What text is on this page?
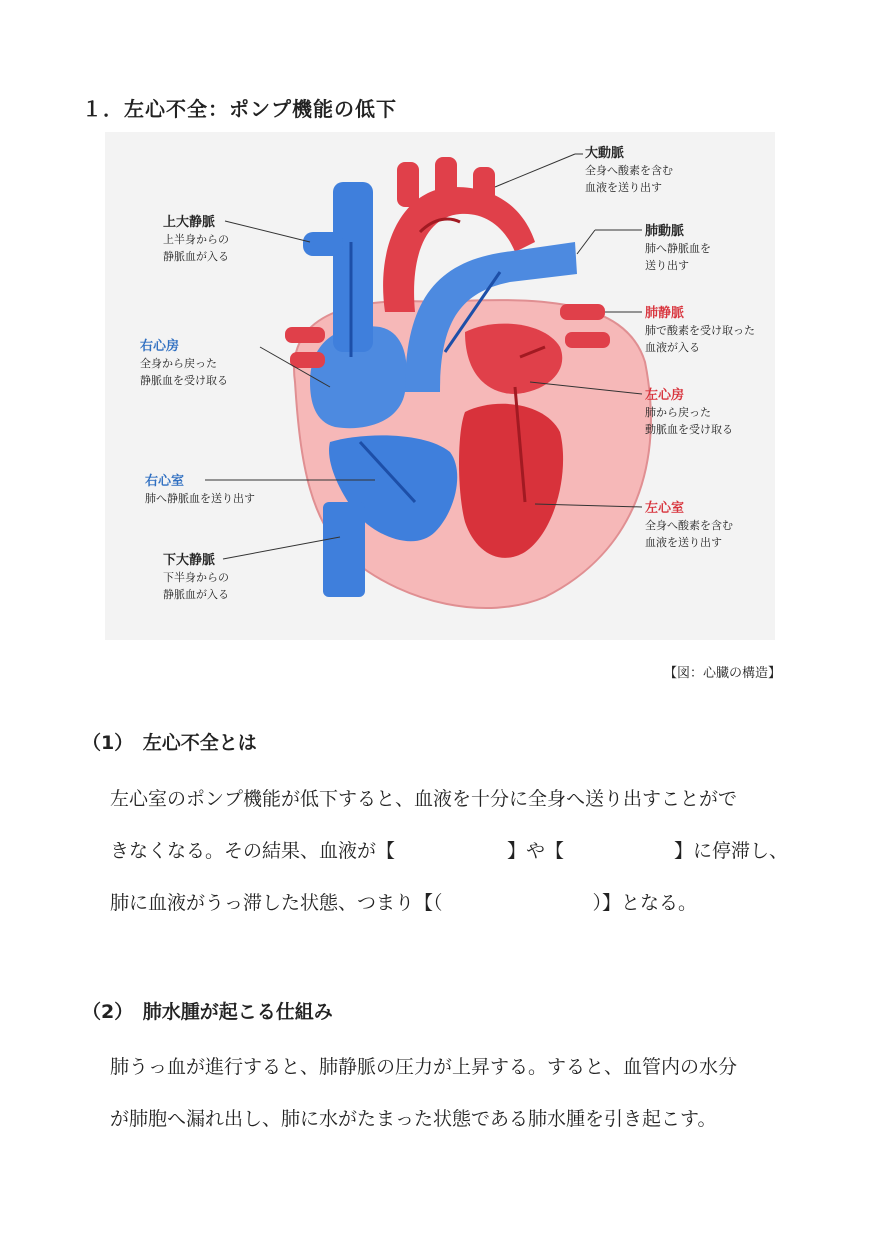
１．左心不全：ポンプ機能の低下
大動脈
全身へ酸素を含む
血液を送り出す
上大静脈
上半身からの
静脈血が入る
肺動脈
肺へ静脈血を
送り出す
肺静脈
肺で酸素を受け取った
血液が入る
右心房
全身から戻った
静脈血を受け取る
左心房
肺から戻った
動脈血を受け取る
右心室
肺へ静脈血を送り出す
左心室
全身へ酸素を含む
血液を送り出す
下大静脈
下半身からの
静脈血が入る
【図：心臓の構造】
（1）　左心不全とは
左心室のポンプ機能が低下すると、血液を十分に全身へ送り出すことがで
きなくなる。その結果、血液が【	】や【	】に停滞し、
肺に血液がうっ滞した状態、つまり【（	）】となる。
（2）　肺水腫が起こる仕組み
肺うっ血が進行すると、肺静脈の圧力が上昇する。すると、血管内の水分
が肺胞へ漏れ出し、肺に水がたまった状態である肺水腫を引き起こす。
